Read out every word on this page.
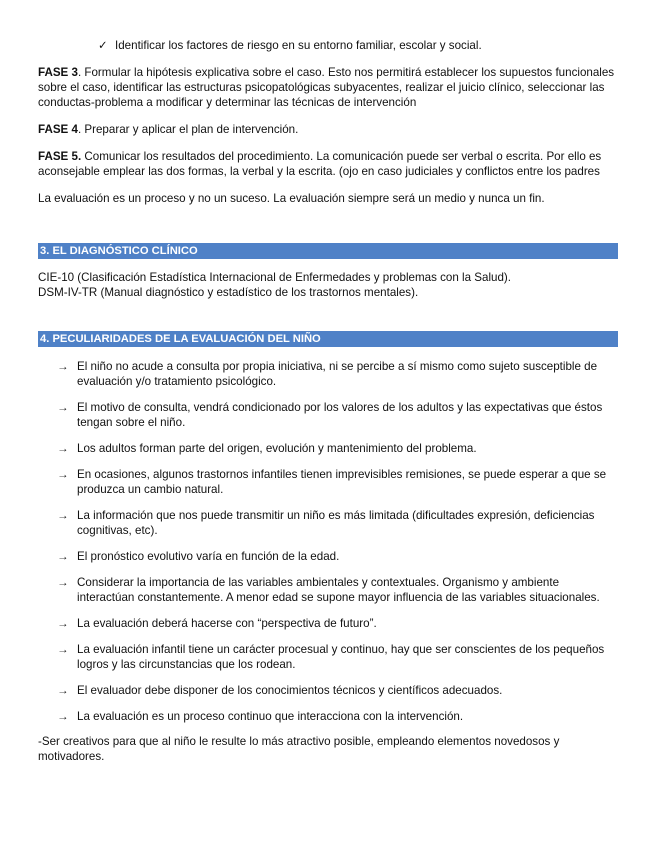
✓ Identificar los factores de riesgo en su entorno familiar, escolar y social.

FASE 3. Formular la hipótesis explicativa sobre el caso. Esto nos permitirá establecer los supuestos funcionales sobre el caso, identificar las estructuras psicopatológicas subyacentes, realizar el juicio clínico, seleccionar las conductas-problema a modificar y determinar las técnicas de intervención

FASE 4. Preparar y aplicar el plan de intervención.

FASE 5. Comunicar los resultados del procedimiento. La comunicación puede ser verbal o escrita. Por ello es aconsejable emplear las dos formas, la verbal y la escrita. (ojo en caso judiciales y conflictos entre los padres

La evaluación es un proceso y no un suceso. La evaluación siempre será un medio y nunca un fin.

3. EL DIAGNÓSTICO CLÍNICO

CIE-10 (Clasificación Estadística Internacional de Enfermedades y problemas con la Salud).

DSM-IV-TR (Manual diagnóstico y estadístico de los trastornos mentales).

4. PECULIARIDADES DE LA EVALUACIÓN DEL NIÑO
→ El niño no acude a consulta por propia iniciativa, ni se percibe a sí mismo como sujeto susceptible de evaluación y/o tratamiento psicológico.
→ El motivo de consulta, vendrá condicionado por los valores de los adultos y las expectativas que éstos tengan sobre el niño.
→ Los adultos forman parte del origen, evolución y mantenimiento del problema.
→ En ocasiones, algunos trastornos infantiles tienen imprevisibles remisiones, se puede esperar a que se produzca un cambio natural.
→ La información que nos puede transmitir un niño es más limitada (dificultades expresión, deficiencias cognitivas, etc).
→ El pronóstico evolutivo varía en función de la edad.
→ Considerar la importancia de las variables ambientales y contextuales. Organismo y ambiente interactúan constantemente. A menor edad se supone mayor influencia de las variables situacionales.
→ La evaluación deberá hacerse con “perspectiva de futuro”.
→ La evaluación infantil tiene un carácter procesual y continuo, hay que ser conscientes de los pequeños logros y las circunstancias que los rodean.
→ El evaluador debe disponer de los conocimientos técnicos y científicos adecuados.
→ La evaluación es un proceso continuo que interacciona con la intervención.

-Ser creativos para que al niño le resulte lo más atractivo posible, empleando elementos novedosos y motivadores.
